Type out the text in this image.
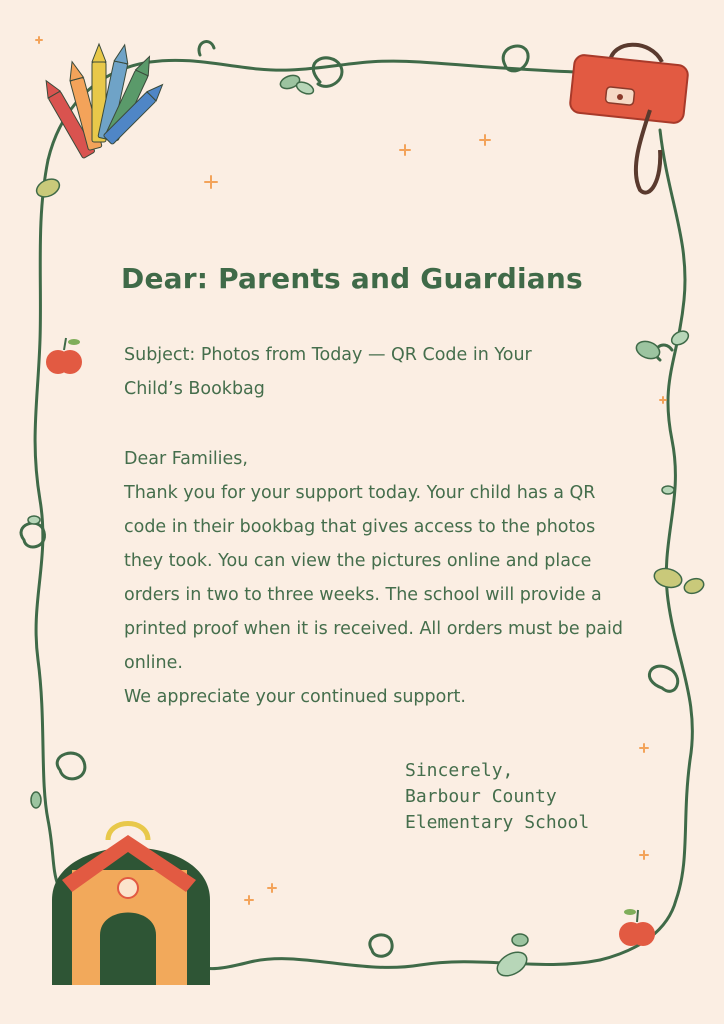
Dear: Parents and Guardians
Subject: Photos from Today — QR Code in Your Child’s Bookbag

Dear Families,

Thank you for your support today. Your child has a QR code in their bookbag that gives access to the photos they took. You can view the pictures online and place orders in two to three weeks. The school will provide a printed proof when it is received. All orders must be paid online.

We appreciate your continued support.

Sincerely,
Barbour County
Elementary School
